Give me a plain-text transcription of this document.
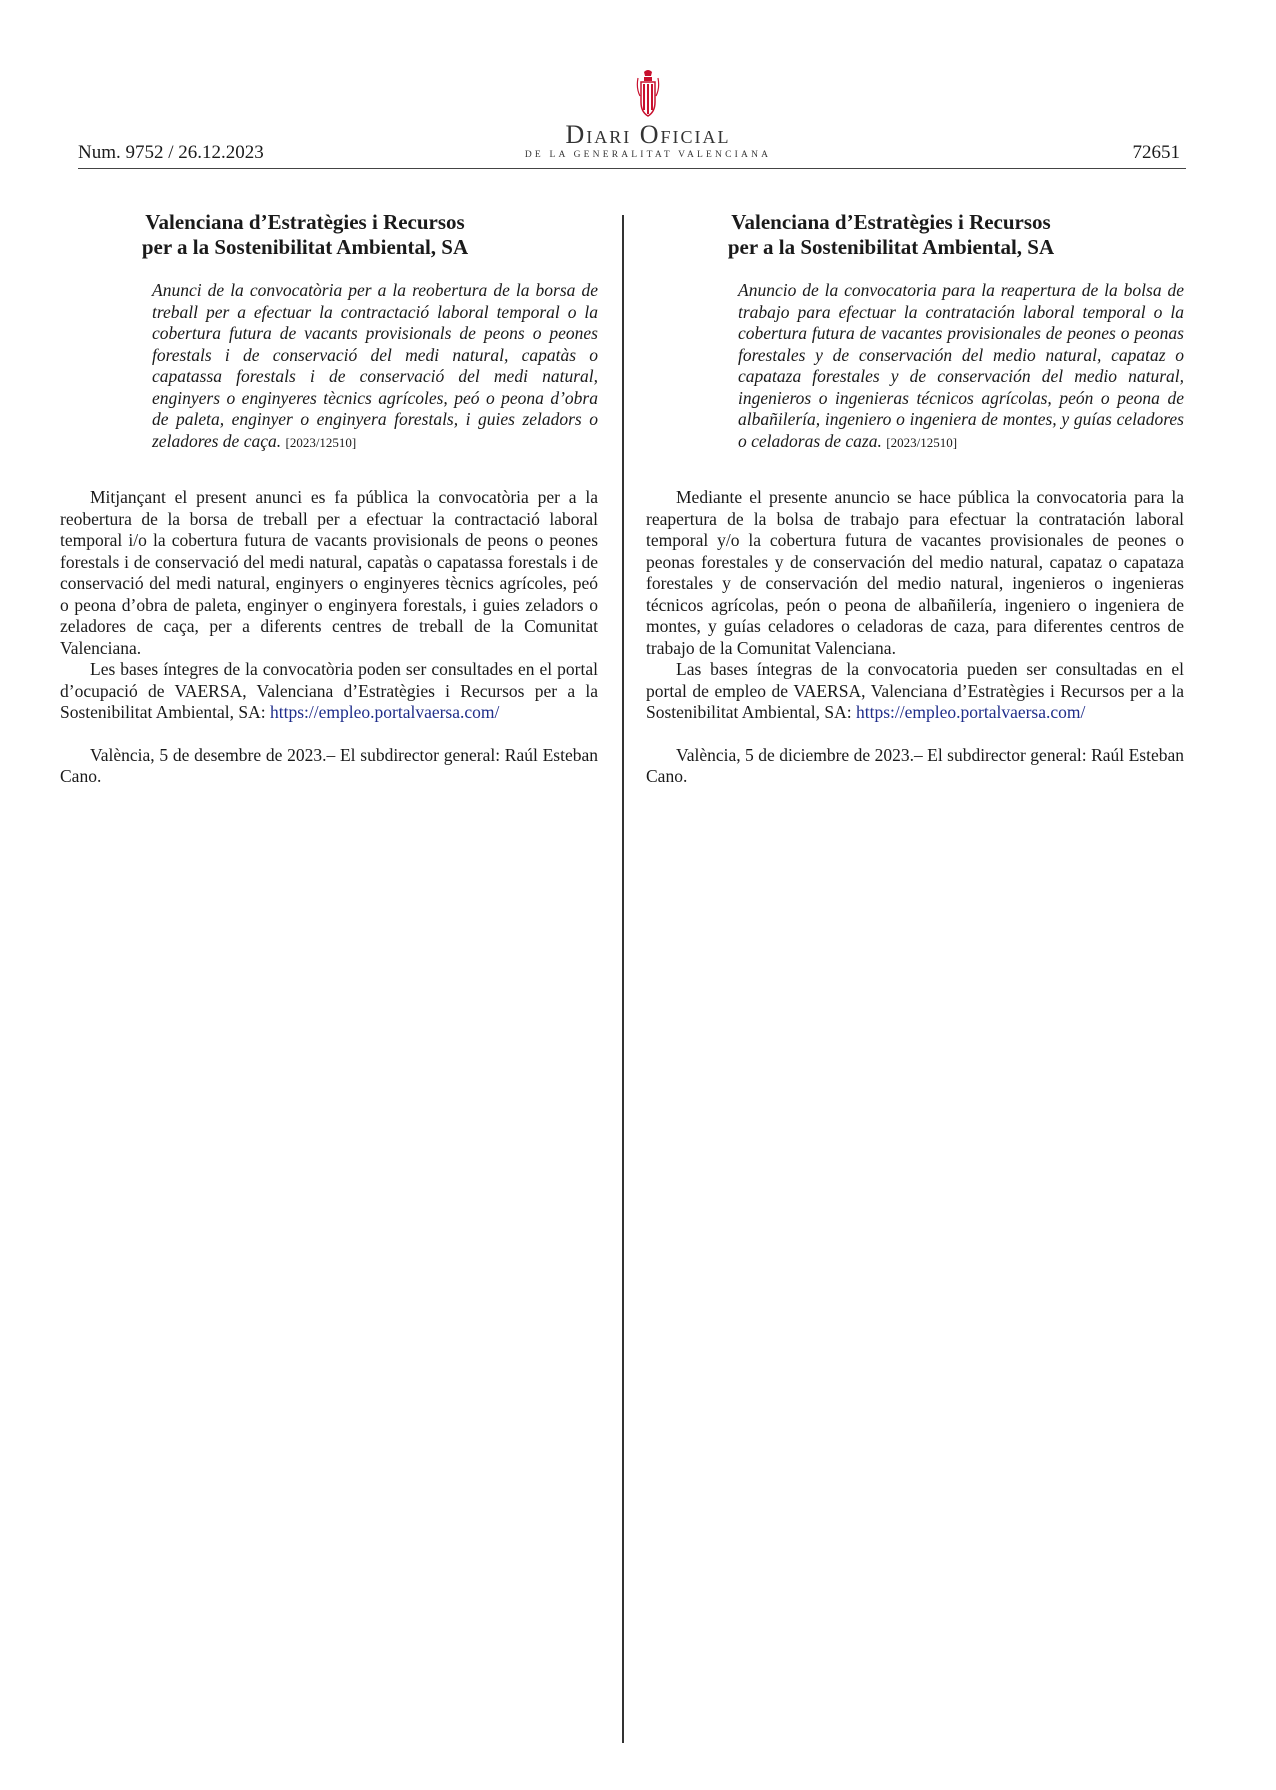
Num. 9752 / 26.12.2023
Diari Oficial
DE LA GENERALITAT VALENCIANA	72651
Valenciana d’Estratègies i Recursos
per a la Sostenibilitat Ambiental, SA
Anunci de la convocatòria per a la reobertura de la borsa de treball per a efectuar la contractació laboral temporal o la cobertura futura de vacants provisionals de peons o peones forestals i de conservació del medi natural, capatàs o capatassa forestals i de conservació del medi natural, enginyers o enginyeres tècnics agrícoles, peó o peona d’obra de paleta, enginyer o enginyera forestals, i guies zeladors o zeladores de caça. [2023/12510]

Mitjançant el present anunci es fa pública la convocatòria per a la reobertura de la borsa de treball per a efectuar la contractació laboral temporal i/o la cobertura futura de vacants provisionals de peons o peones forestals i de conservació del medi natural, capatàs o capatassa forestals i de conservació del medi natural, enginyers o enginyeres tècnics agrícoles, peó o peona d’obra de paleta, enginyer o enginyera forestals, i guies zeladors o zeladores de caça, per a diferents centres de treball de la Comunitat Valenciana.

Les bases íntegres de la convocatòria poden ser consultades en el portal d’ocupació de VAERSA, Valenciana d’Estratègies i Recursos per a la Sostenibilitat Ambiental, SA: https://empleo.portalvaersa.com/

València, 5 de desembre de 2023.– El subdirector general: Raúl Esteban Cano.
Valenciana d’Estratègies i Recursos
per a la Sostenibilitat Ambiental, SA
Anuncio de la convocatoria para la reapertura de la bolsa de trabajo para efectuar la contratación laboral temporal o la cobertura futura de vacantes provisionales de peones o peonas forestales y de conservación del medio natural, capataz o capataza forestales y de conservación del medio natural, ingenieros o ingenieras técnicos agrícolas, peón o peona de albañilería, ingeniero o ingeniera de montes, y guías celadores o celadoras de caza. [2023/12510]

Mediante el presente anuncio se hace pública la convocatoria para la reapertura de la bolsa de trabajo para efectuar la contratación laboral temporal y/o la cobertura futura de vacantes provisionales de peones o peonas forestales y de conservación del medio natural, capataz o capataza forestales y de conservación del medio natural, ingenieros o ingenieras técnicos agrícolas, peón o peona de albañilería, ingeniero o ingeniera de montes, y guías celadores o celadoras de caza, para diferentes centros de trabajo de la Comunitat Valenciana.

Las bases íntegras de la convocatoria pueden ser consultadas en el portal de empleo de VAERSA, Valenciana d’Estratègies i Recursos per a la Sostenibilitat Ambiental, SA: https://empleo.portalvaersa.com/

València, 5 de diciembre de 2023.– El subdirector general: Raúl Esteban Cano.
